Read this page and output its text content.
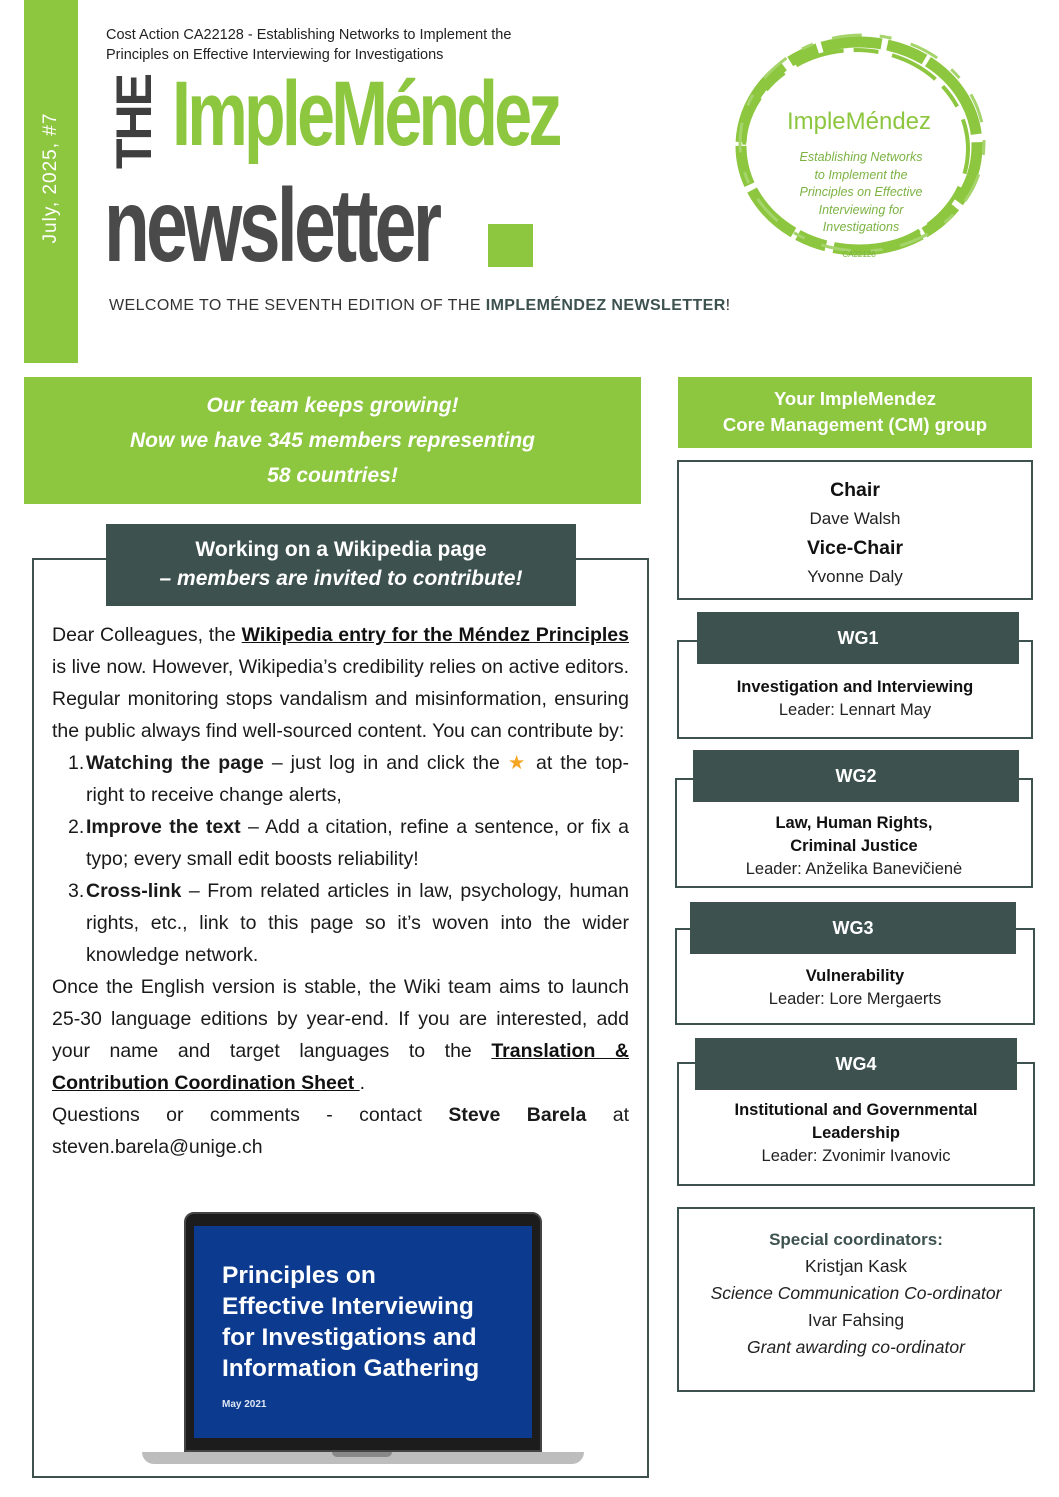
July, 2025, #7
Cost Action CA22128 - Establishing Networks to Implement the
Principles on Effective Interviewing for Investigations
THE ImpleMéndez
newsletter
WELCOME TO THE SEVENTH EDITION OF THE IMPLEMÉNDEZ NEWSLETTER!
ImpleMéndez
Establishing Networks
to Implement the
Principles on Effective
Interviewing for
Investigations
CA22128
Our team keeps growing!
Now we have 345 members representing
58 countries!
Working on a Wikipedia page
– members are invited to contribute!

Dear Colleagues, the Wikipedia entry for the Méndez Principles is live now. However, Wikipedia’s credibility relies on active editors. Regular monitoring stops vandalism and misinformation, ensuring the public always find well-sourced content. You can contribute by:

1. Watching the page – just log in and click the ★ at the top-right to receive change alerts,
2. Improve the text – Add a citation, refine a sentence, or fix a typo; every small edit boosts reliability!
3. Cross-link – From related articles in law, psychology, human rights, etc., link to this page so it’s woven into the wider knowledge network.

Once the English version is stable, the Wiki team aims to launch 25-30 language editions by year-end. If you are interested, add your name and target languages to the Translation & Contribution Coordination Sheet .

Questions or comments - contact Steve Barela at steven.barela@unige.ch

Principles on
Effective Interviewing
for Investigations and
Information Gathering
May 2021
Your ImpleMendez
Core Management (CM) group
Chair
Dave Walsh
Vice-Chair
Yvonne Daly
Investigation and Interviewing
Leader: Lennart May
WG1
Law, Human Rights,
Criminal Justice
Leader: Anželika Banevičienė
WG2
Vulnerability
Leader: Lore Mergaerts
WG3
Institutional and Governmental
Leadership
Leader: Zvonimir Ivanovic
WG4
Special coordinators:
Kristjan Kask
Science Communication Co-ordinator
Ivar Fahsing
Grant awarding co-ordinator
